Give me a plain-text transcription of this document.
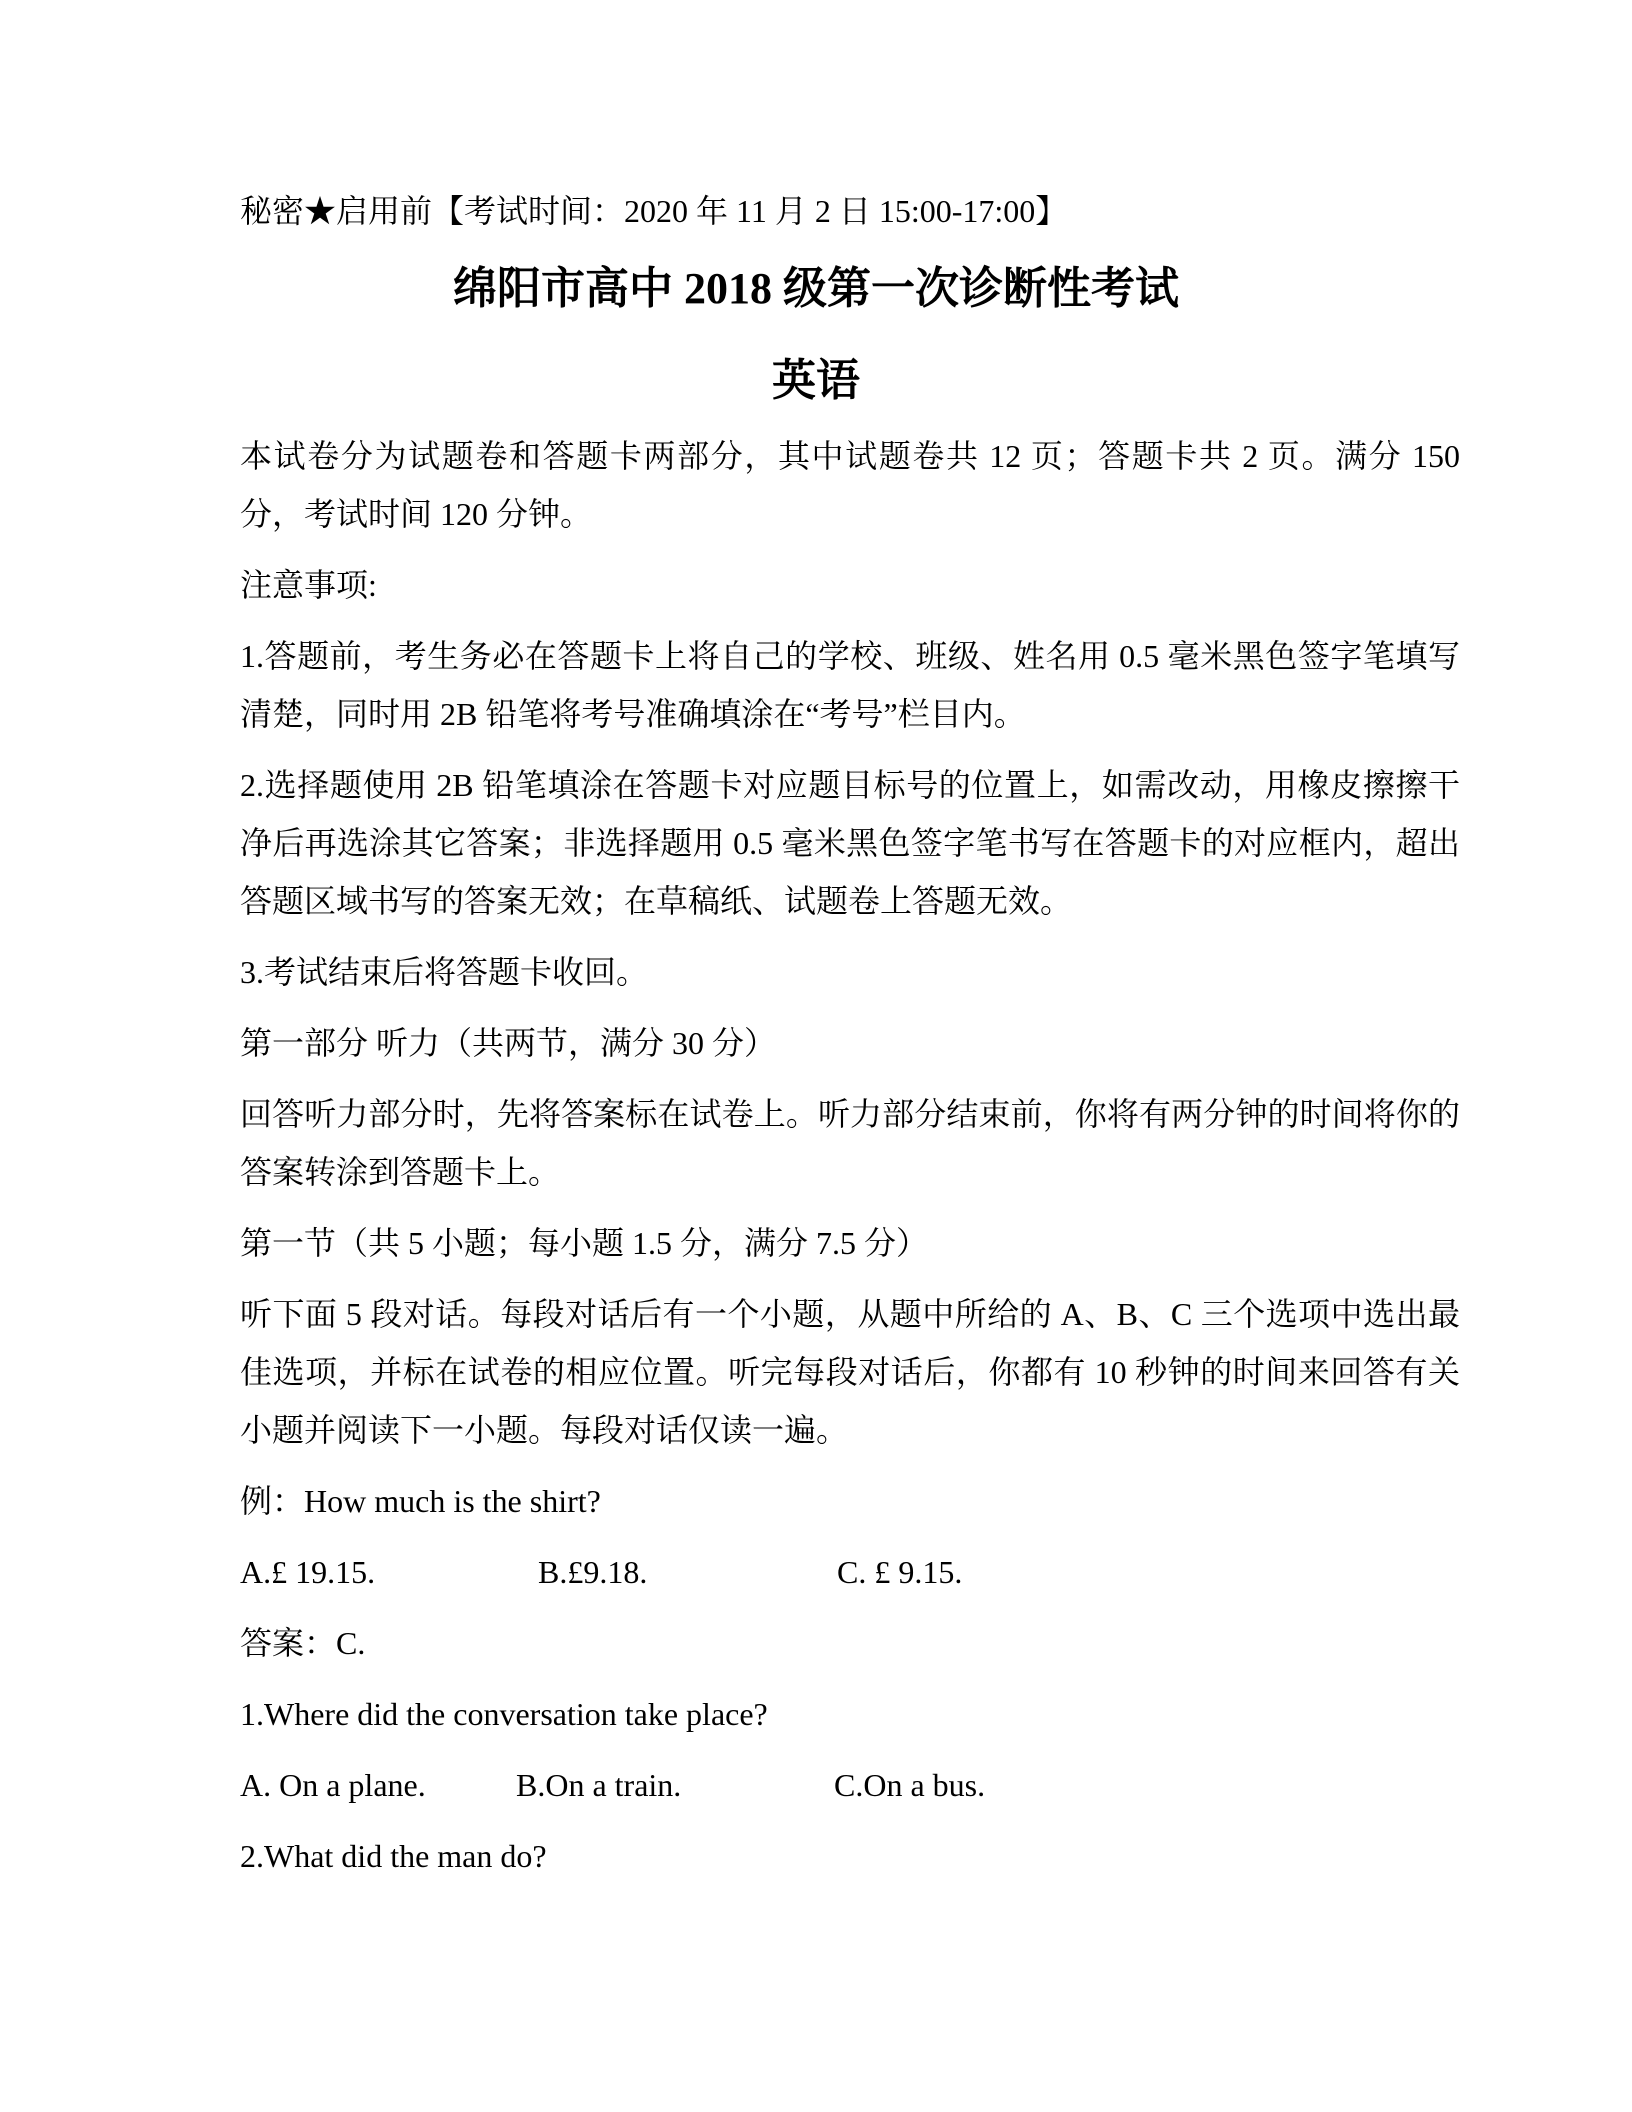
秘密★启用前【考试时间：2020 年 11 月 2 日 15:00-17:00】

绵阳市高中 2018 级第一次诊断性考试
英语

本试卷分为试题卷和答题卡两部分，其中试题卷共 12 页；答题卡共 2 页。满分 150 分，考试时间 120 分钟。

注意事项:

1.答题前，考生务必在答题卡上将自己的学校、班级、姓名用 0.5 毫米黑色签字笔填写清楚，同时用 2B 铅笔将考号准确填涂在“考号”栏目内。

2.选择题使用 2B 铅笔填涂在答题卡对应题目标号的位置上，如需改动，用橡皮擦擦干净后再选涂其它答案；非选择题用 0.5 毫米黑色签字笔书写在答题卡的对应框内，超出答题区域书写的答案无效；在草稿纸、试题卷上答题无效。

3.考试结束后将答题卡收回。

第一部分 听力（共两节，满分 30 分）

回答听力部分时，先将答案标在试卷上。听力部分结束前，你将有两分钟的时间将你的答案转涂到答题卡上。

第一节（共 5 小题；每小题 1.5 分，满分 7.5 分）

听下面 5 段对话。每段对话后有一个小题，从题中所给的 A、B、C 三个选项中选出最佳选项，并标在试卷的相应位置。听完每段对话后，你都有 10 秒钟的时间来回答有关小题并阅读下一小题。每段对话仅读一遍。

例：How much is the shirt?

A.£ 19.15.	B.£9.18.	C. £ 9.15.

答案：C.

1.Where did the conversation take place?

A. On a plane.	B.On a train.	C.On a bus.

2.What did the man do?
